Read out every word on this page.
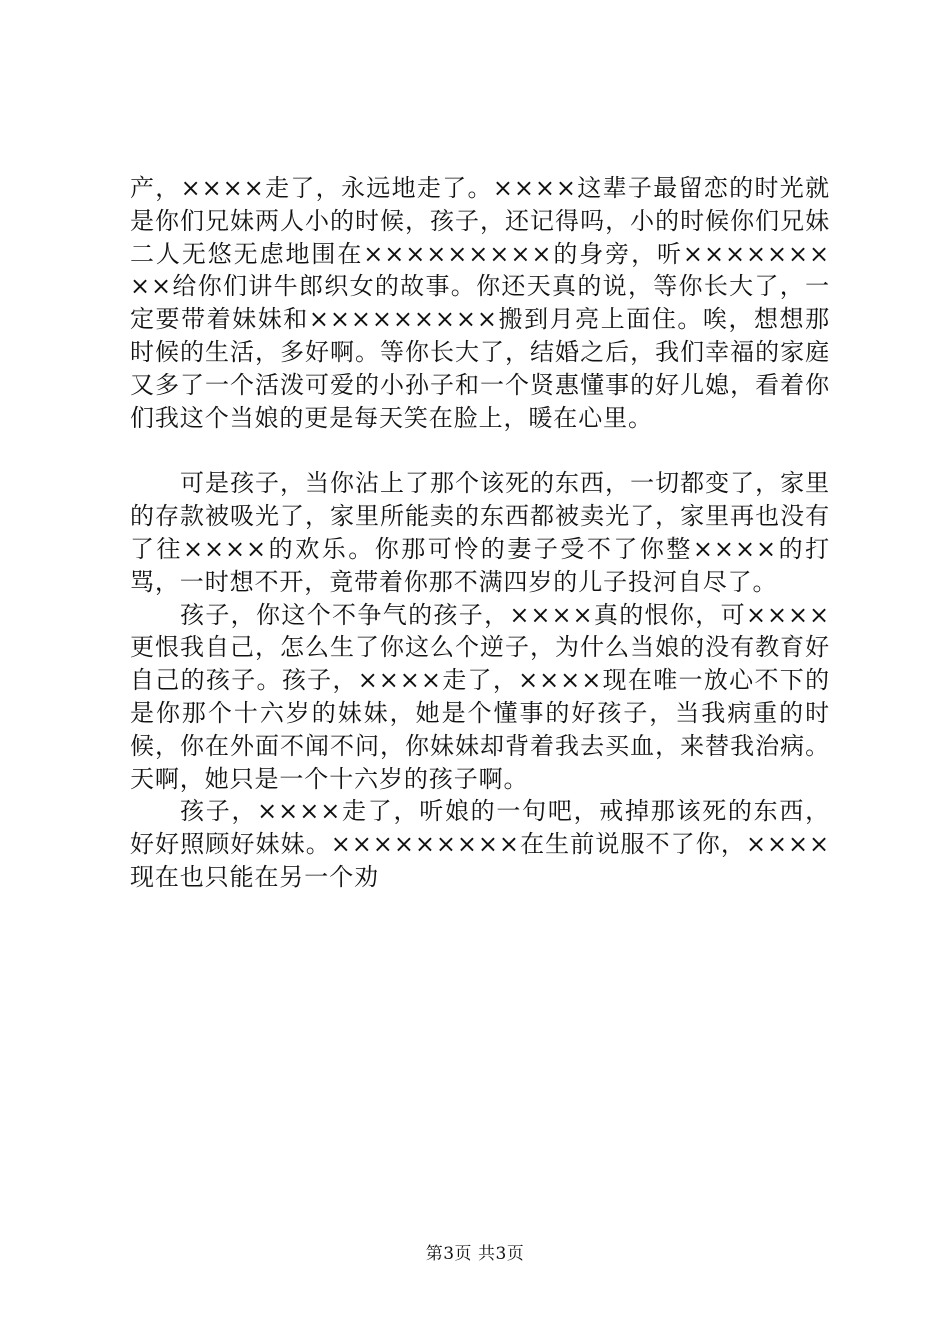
产，××××走了，永远地走了。××××这辈子最留恋的时光就是你们兄妹两人小的时候，孩子，还记得吗，小的时候你们兄妹二人无悠无虑地围在×××××××××的身旁，听×××××××××给你们讲牛郎织女的故事。你还天真的说，等你长大了，一定要带着妹妹和×××××××××搬到月亮上面住。唉，想想那时候的生活，多好啊。等你长大了，结婚之后，我们幸福的家庭又多了一个活泼可爱的小孙子和一个贤惠懂事的好儿媳，看着你们我这个当娘的更是每天笑在脸上，暖在心里。

可是孩子，当你沾上了那个该死的东西，一切都变了，家里的存款被吸光了，家里所能卖的东西都被卖光了，家里再也没有了往××××的欢乐。你那可怜的妻子受不了你整××××的打骂，一时想不开，竟带着你那不满四岁的儿子投河自尽了。

孩子，你这个不争气的孩子，××××真的恨你，可××××更恨我自己，怎么生了你这么个逆子，为什么当娘的没有教育好自己的孩子。孩子，××××走了，××××现在唯一放心不下的是你那个十六岁的妹妹，她是个懂事的好孩子，当我病重的时候，你在外面不闻不问，你妹妹却背着我去买血，来替我治病。天啊，她只是一个十六岁的孩子啊。

孩子，××××走了，听娘的一句吧，戒掉那该死的东西，好好照顾好妹妹。×××××××××在生前说服不了你，××××现在也只能在另一个劝

第3页 共3页
